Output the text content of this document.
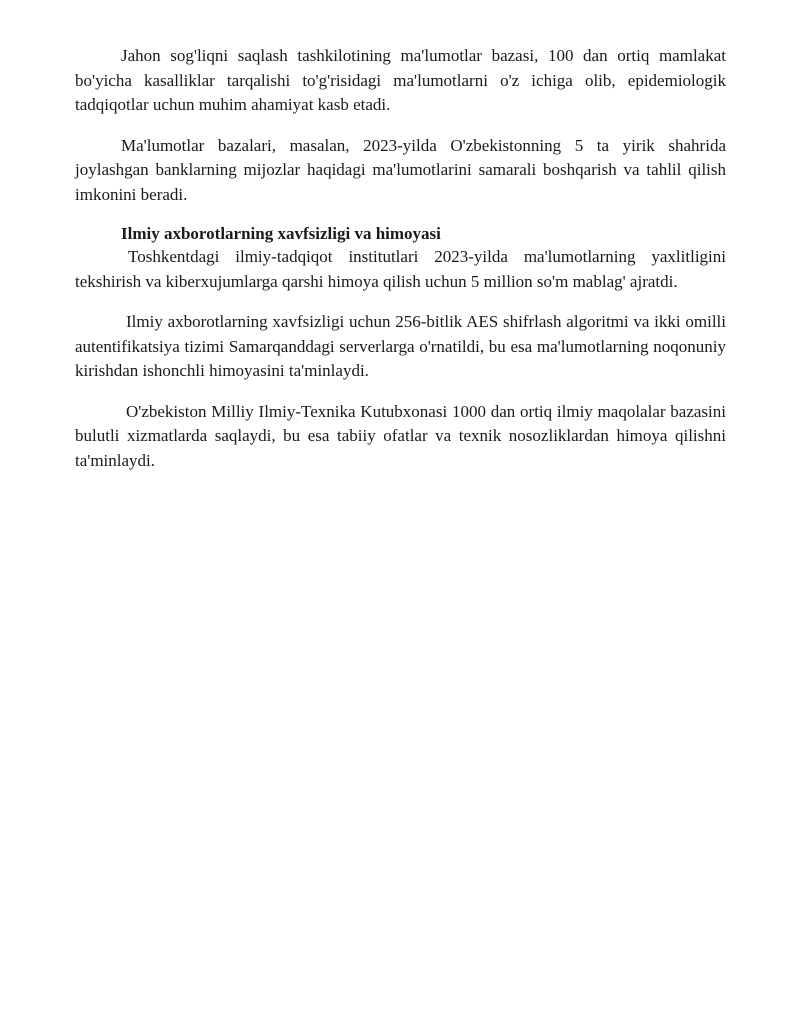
Jahon sog'liqni saqlash tashkilotining ma'lumotlar bazasi, 100 dan ortiq mamlakat bo'yicha kasalliklar tarqalishi to'g'risidagi ma'lumotlarni o'z ichiga olib, epidemiologik tadqiqotlar uchun muhim ahamiyat kasb etadi.

Ma'lumotlar bazalari, masalan, 2023-yilda O'zbekistonning 5 ta yirik shahrida joylashgan banklarning mijozlar haqidagi ma'lumotlarini samarali boshqarish va tahlil qilish imkonini beradi.

Ilmiy axborotlarning xavfsizligi va himoyasi

Toshkentdagi ilmiy-tadqiqot institutlari 2023-yilda ma'lumotlarning yaxlitligini tekshirish va kiberxujumlarga qarshi himoya qilish uchun 5 million so'm mablag' ajratdi.

Ilmiy axborotlarning xavfsizligi uchun 256-bitlik AES shifrlash algoritmi va ikki omilli autentifikatsiya tizimi Samarqanddagi serverlarga o'rnatildi, bu esa ma'lumotlarning noqonuniy kirishdan ishonchli himoyasini ta'minlaydi.

O'zbekiston Milliy Ilmiy-Texnika Kutubxonasi 1000 dan ortiq ilmiy maqolalar bazasini bulutli xizmatlarda saqlaydi, bu esa tabiiy ofatlar va texnik nosozliklardan himoya qilishni ta'minlaydi.
